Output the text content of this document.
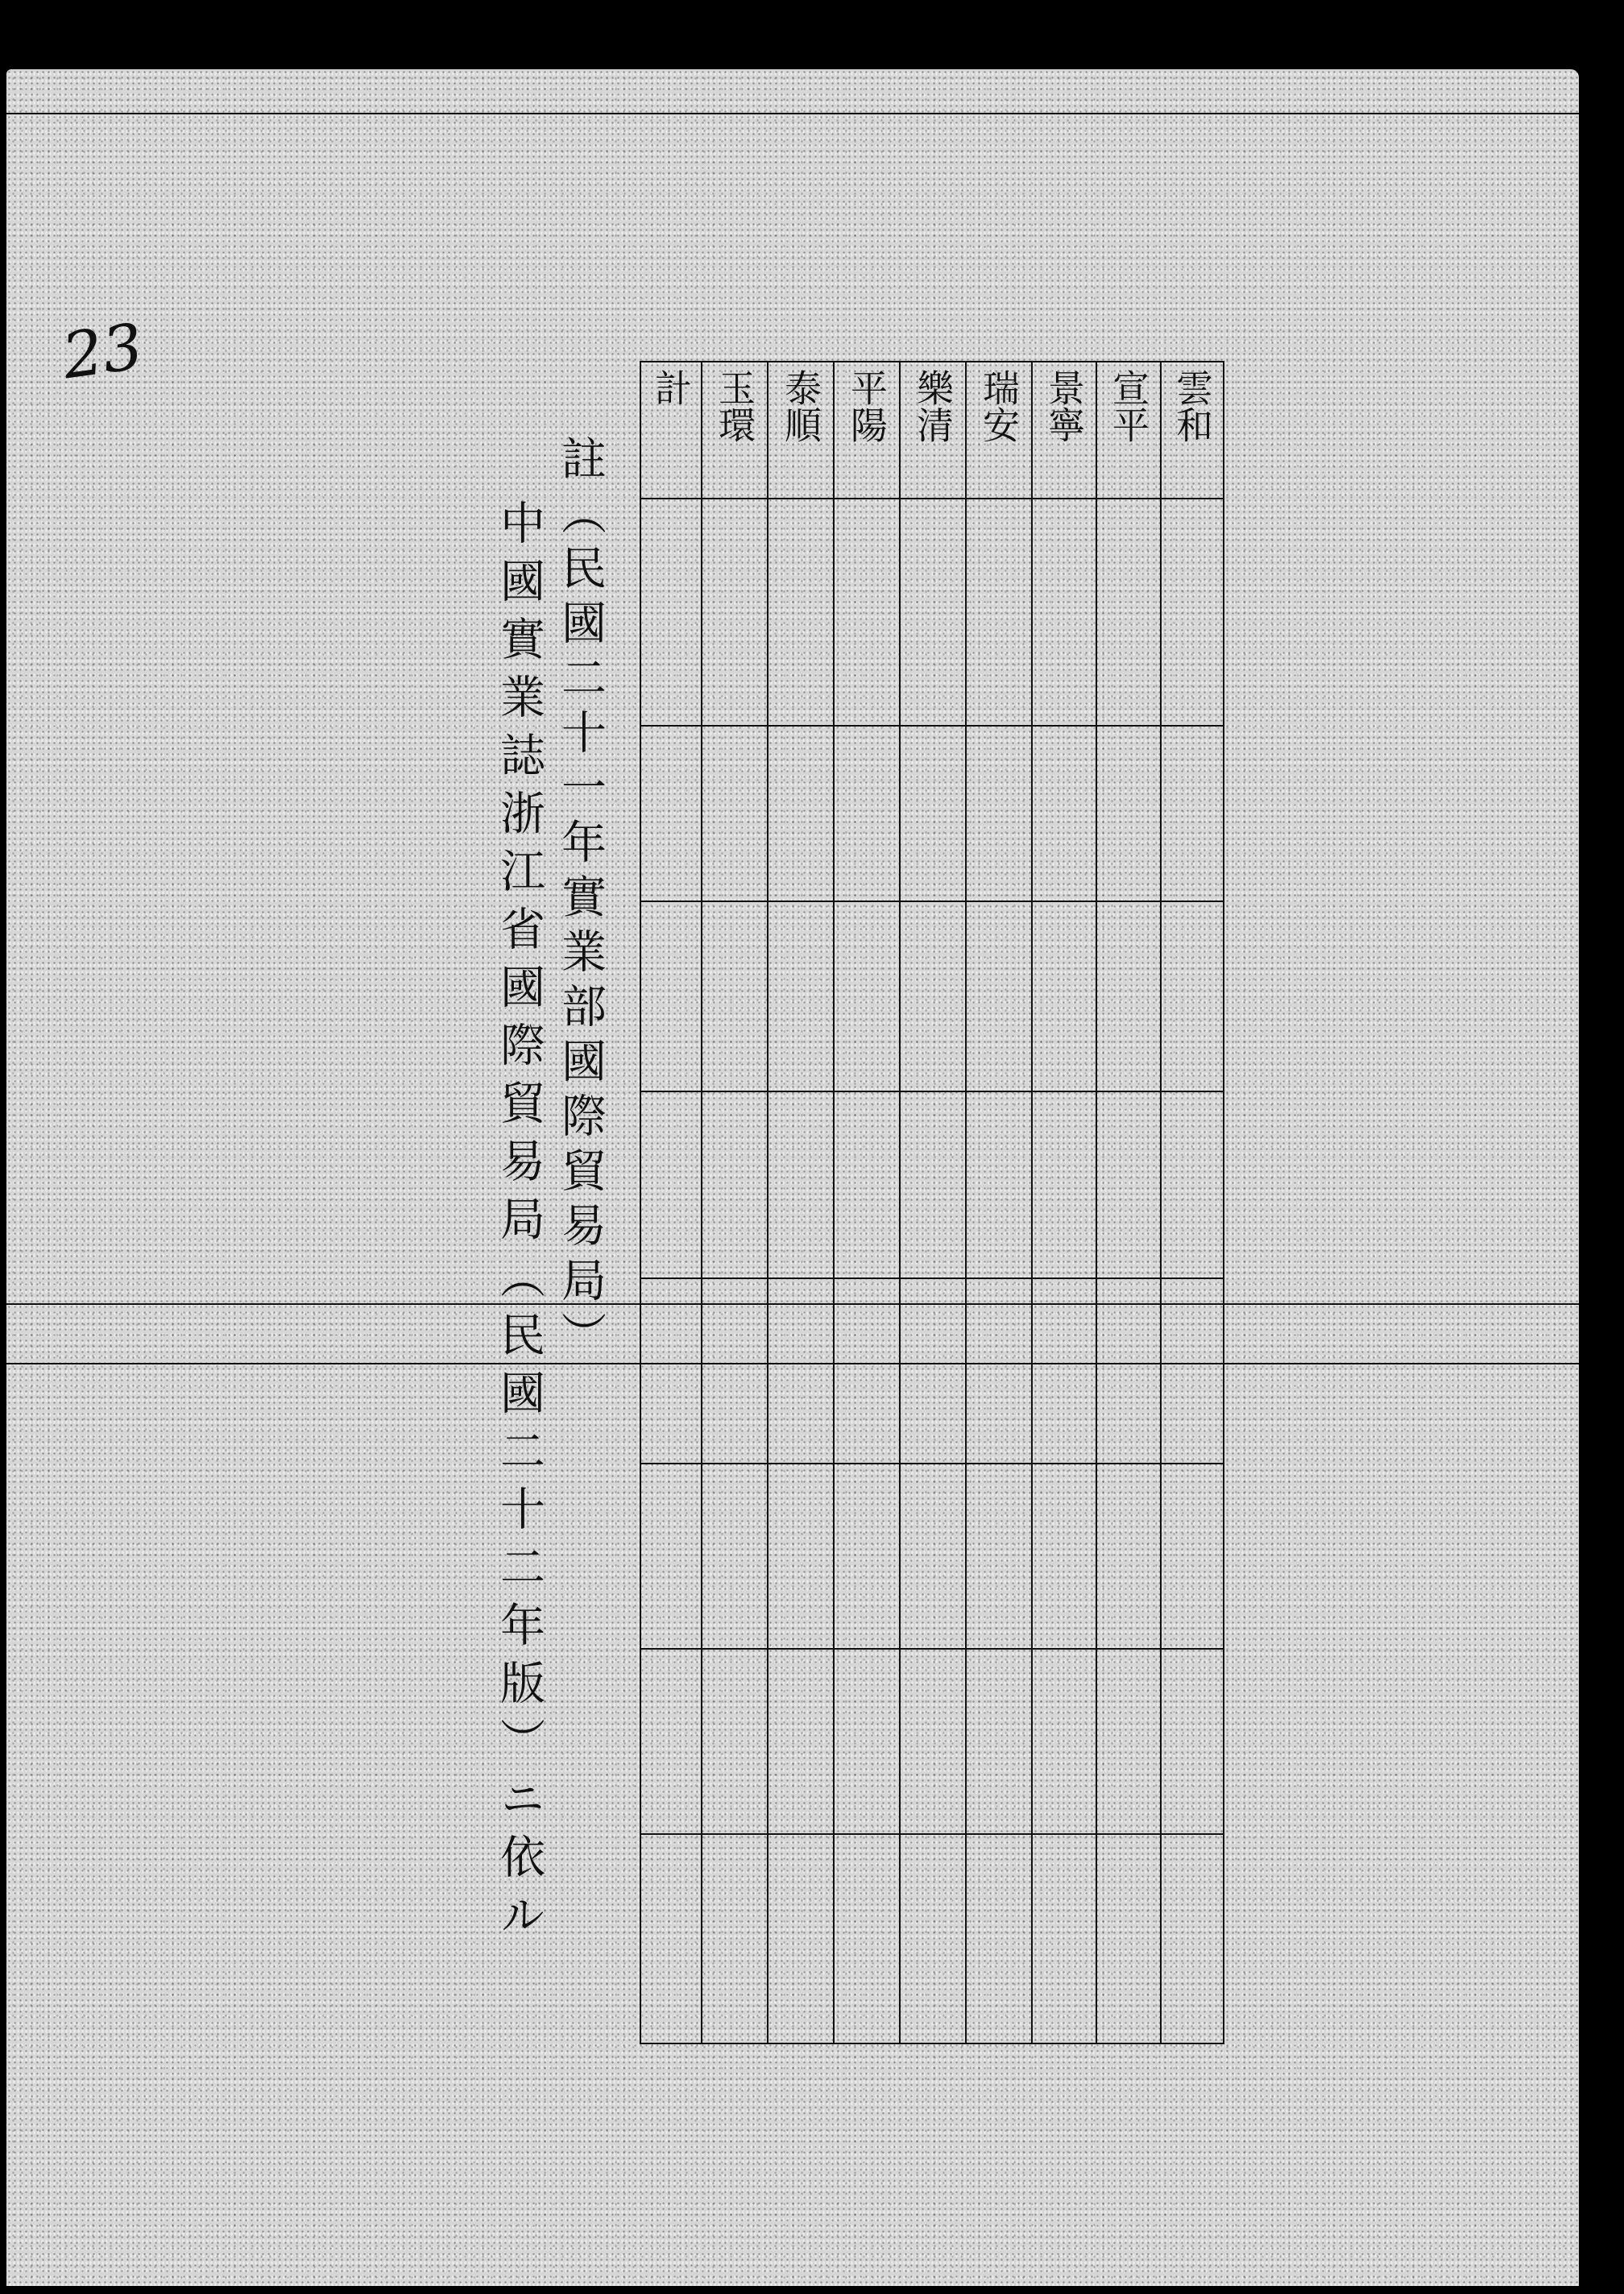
23
雲和
宣平
景寧
瑞安
樂清
平陽
泰順
玉環
計
註（民國二十一年實業部國際貿易局）
中國實業誌浙江省國際貿易局（民國二十二年版）ニ依ル
